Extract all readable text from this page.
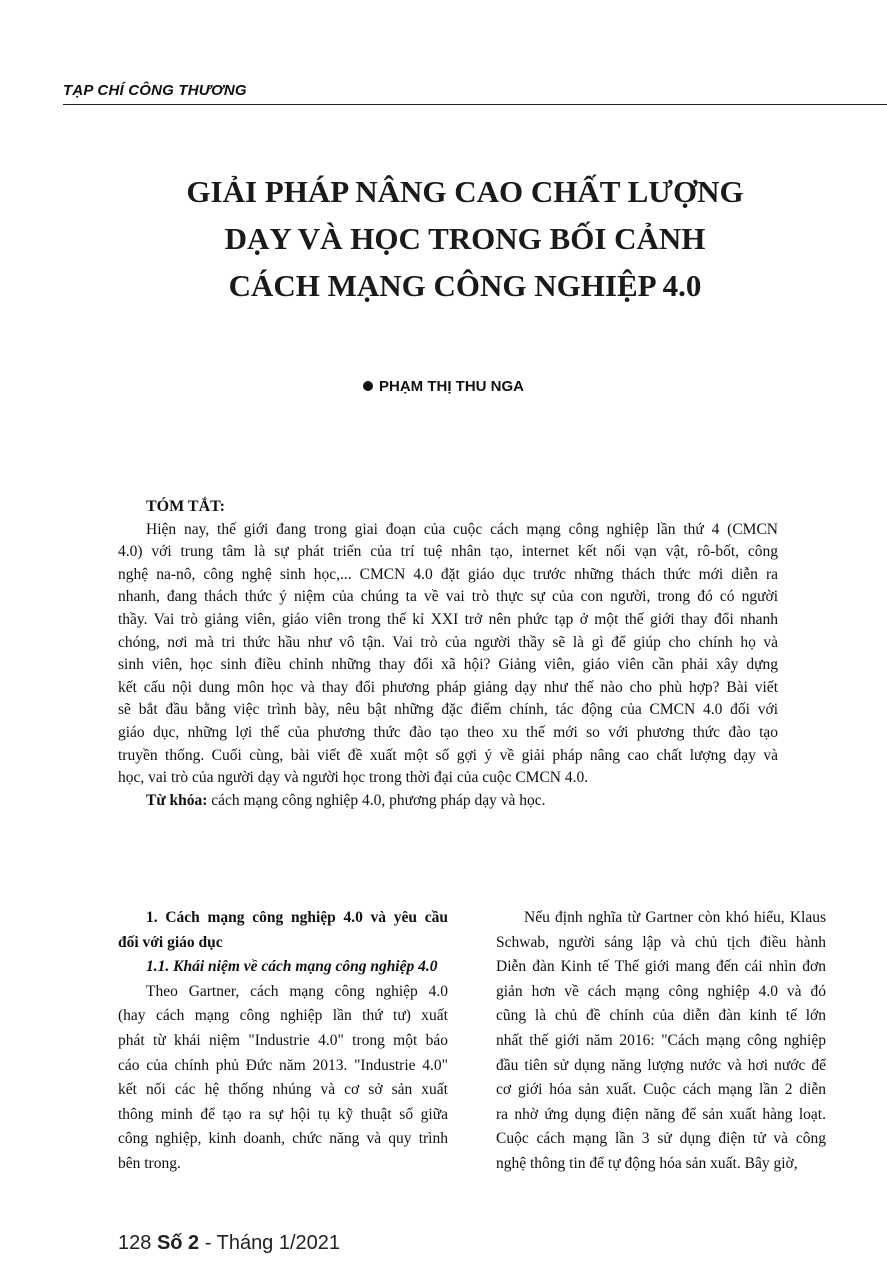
TẠP CHÍ CÔNG THƯƠNG
GIẢI PHÁP NÂNG CAO CHẤT LƯỢNG
DẠY VÀ HỌC TRONG BỐI CẢNH
CÁCH MẠNG CÔNG NGHIỆP 4.0
PHẠM THỊ THU NGA
TÓM TẮT:
Hiện nay, thế giới đang trong giai đoạn của cuộc cách mạng công nghiệp lần thứ 4 (CMCN
4.0) với trung tâm là sự phát triển của trí tuệ nhân tạo, internet kết nối vạn vật, rô-bốt, công
nghệ na-nô, công nghệ sinh học,... CMCN 4.0 đặt giáo dục trước những thách thức mới diễn ra
nhanh, đang thách thức ý niệm của chúng ta về vai trò thực sự của con người, trong đó có người
thầy. Vai trò giảng viên, giáo viên trong thế kỉ XXI trở nên phức tạp ở một thế giới thay đổi nhanh
chóng, nơi mà tri thức hầu như vô tận. Vai trò của người thầy sẽ là gì để giúp cho chính họ và
sinh viên, học sinh điều chỉnh những thay đổi xã hội? Giảng viên, giáo viên cần phải xây dựng
kết cấu nội dung môn học và thay đổi phương pháp giảng dạy như thế nào cho phù hợp? Bài viết
sẽ bắt đầu bằng việc trình bày, nêu bật những đặc điểm chính, tác động của CMCN 4.0 đối với
giáo dục, những lợi thế của phương thức đào tạo theo xu thế mới so với phương thức đào tạo
truyền thống. Cuối cùng, bài viết đề xuất một số gợi ý về giải pháp nâng cao chất lượng dạy và
học, vai trò của người dạy và người học trong thời đại của cuộc CMCN 4.0.
Từ khóa: cách mạng công nghiệp 4.0, phương pháp dạy và học.
1. Cách mạng công nghiệp 4.0 và yêu cầu
đối với giáo dục
1.1. Khái niệm về cách mạng công nghiệp 4.0
Theo Gartner, cách mạng công nghiệp 4.0
(hay cách mạng công nghiệp lần thứ tư) xuất
phát từ khái niệm "Industrie 4.0" trong một báo
cáo của chính phủ Đức năm 2013. "Industrie 4.0"
kết nối các hệ thống nhúng và cơ sở sản xuất
thông minh để tạo ra sự hội tụ kỹ thuật số giữa
công nghiệp, kinh doanh, chức năng và quy trình
bên trong.
Nếu định nghĩa từ Gartner còn khó hiểu, Klaus
Schwab, người sáng lập và chủ tịch điều hành
Diễn đàn Kinh tế Thế giới mang đến cái nhìn đơn
giản hơn về cách mạng công nghiệp 4.0 và đó
cũng là chủ đề chính của diễn đàn kinh tế lớn
nhất thế giới năm 2016: "Cách mạng công nghiệp
đầu tiên sử dụng năng lượng nước và hơi nước để
cơ giới hóa sản xuất. Cuộc cách mạng lần 2 diễn
ra nhờ ứng dụng điện năng để sản xuất hàng loạt.
Cuộc cách mạng lần 3 sử dụng điện tử và công
nghệ thông tin để tự động hóa sản xuất. Bây giờ,
128 Số 2 - Tháng 1/2021
